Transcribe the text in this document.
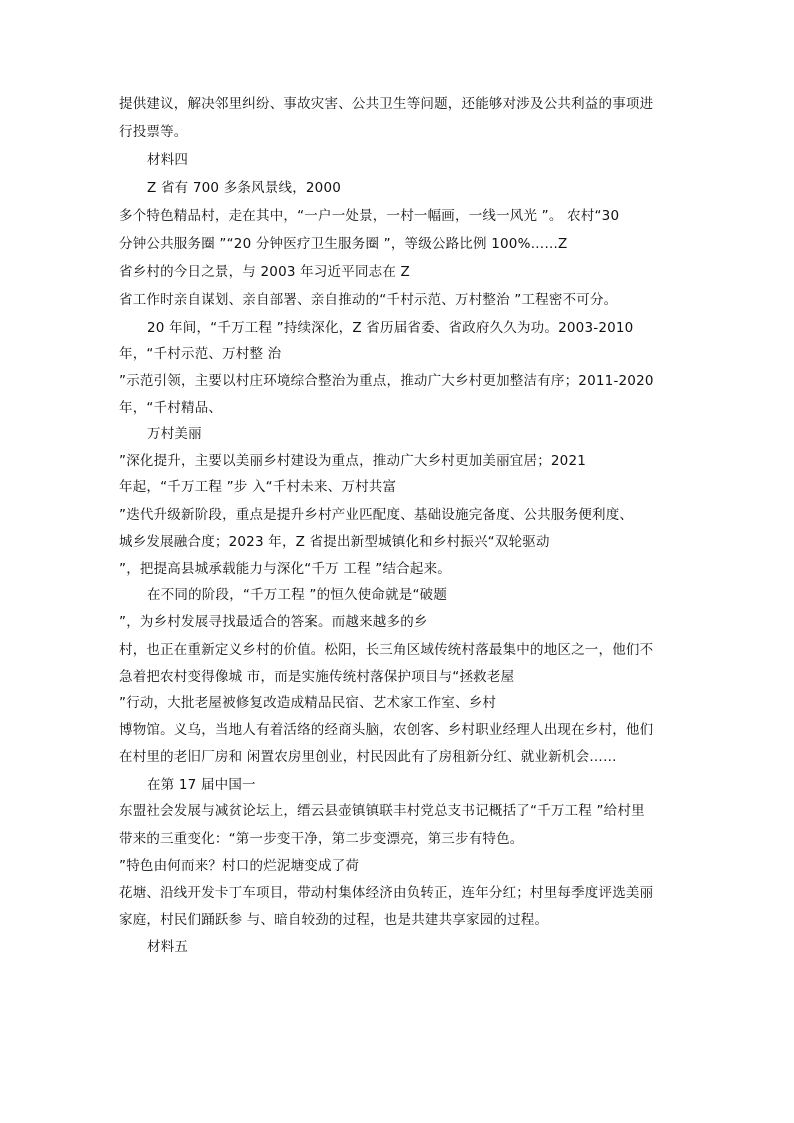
提供建议，解决邻里纠纷、事故灾害、公共卫生等问题，还能够对涉及公共利益的事项进
行投票等。
材料四
Z 省有 700 多条风景线，2000
多个特色精品村，走在其中，“一户一处景，一村一幅画，一线一风光 ”。 农村“30
分钟公共服务圈 ”“20 分钟医疗卫生服务圈 ”，等级公路比例 100%……Z
省乡村的今日之景，与 2003 年习近平同志在 Z
省工作时亲自谋划、亲自部署、亲自推动的“千村示范、万村整治 ”工程密不可分。
20 年间，“千万工程 ”持续深化，Z 省历届省委、省政府久久为功。2003-2010
年，“千村示范、万村整 治
”示范引领，主要以村庄环境综合整治为重点，推动广大乡村更加整洁有序；2011-2020
年，“千村精品、
万村美丽
”深化提升，主要以美丽乡村建设为重点，推动广大乡村更加美丽宜居；2021
年起，“千万工程 ”步 入“千村未来、万村共富
”迭代升级新阶段，重点是提升乡村产业匹配度、基础设施完备度、公共服务便利度、
城乡发展融合度；2023 年，Z 省提出新型城镇化和乡村振兴“双轮驱动
”，把提高县城承载能力与深化“千万 工程 ”结合起来。
在不同的阶段，“千万工程 ”的恒久使命就是“破题
”，为乡村发展寻找最适合的答案。而越来越多的乡
村，也正在重新定义乡村的价值。松阳，长三角区域传统村落最集中的地区之一，他们不
急着把农村变得像城 市，而是实施传统村落保护项目与“拯救老屋
”行动，大批老屋被修复改造成精品民宿、艺术家工作室、乡村
博物馆。义乌，当地人有着活络的经商头脑，农创客、乡村职业经理人出现在乡村，他们
在村里的老旧厂房和 闲置农房里创业，村民因此有了房租新分红、就业新机会……
在第 17 届中国一
东盟社会发展与减贫论坛上，缙云县壶镇镇联丰村党总支书记概括了“千万工程 ”给村里
带来的三重变化：“第一步变干净，第二步变漂亮，第三步有特色。
”特色由何而来？村口的烂泥塘变成了荷
花塘、沿线开发卡丁车项目，带动村集体经济由负转正，连年分红；村里每季度评选美丽
家庭，村民们踊跃参 与、暗自较劲的过程，也是共建共享家园的过程。
材料五
